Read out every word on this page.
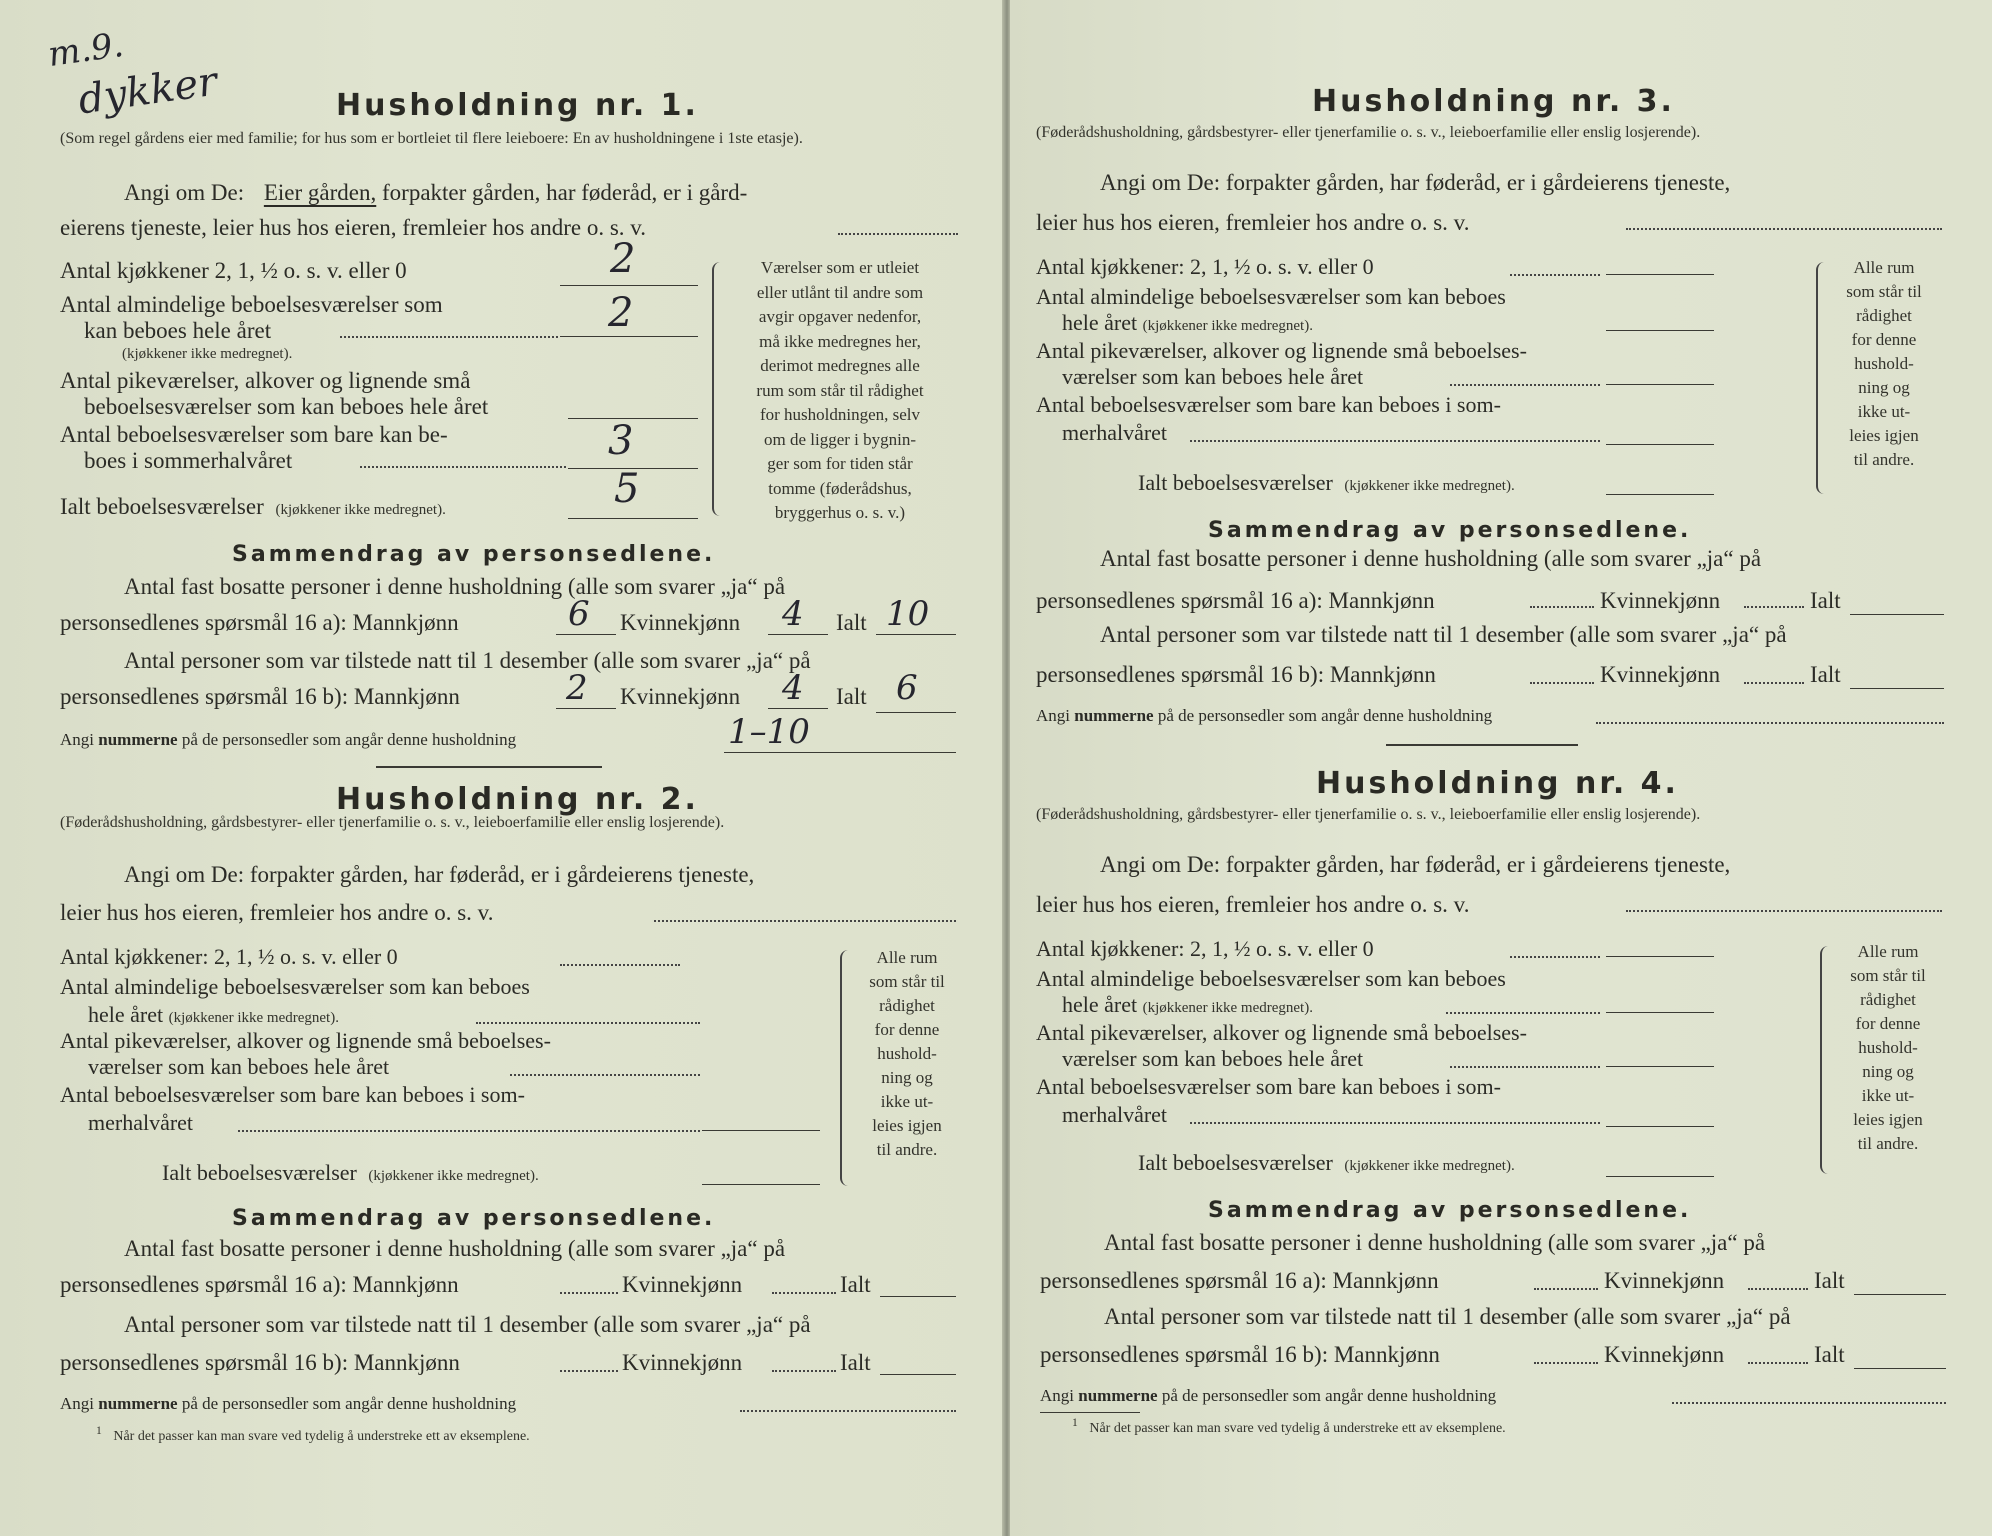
m.9.
dykker	Husholdning nr. 1.
(Som regel gårdens eier med familie; for hus som er bortleiet til flere leieboere: En av husholdningene i 1ste etasje).
Angi om De: Eier gården, forpakter gården, har føderåd, er i gård-
eierens tjeneste, leier hus hos eieren, fremleier hos andre o. s. v.
Antal kjøkkener 2, 1, ½ o. s. v. eller 0	2
Antal almindelige beboelsesværelser som
kan beboes hele året
(kjøkkener ikke medregnet).
2
Antal pikeværelser, alkover og lignende små
beboelsesværelser som kan beboes hele året
Antal beboelsesværelser som bare kan be-
boes i sommerhalvåret	3
Ialt beboelsesværelser (kjøkkener ikke medregnet).	5
Værelser som er utleiet
eller utlånt til andre som
avgir opgaver nedenfor,
må ikke medregnes her,
derimot medregnes alle
rum som står til rådighet
for husholdningen, selv
om de ligger i bygnin-
ger som for tiden står
tomme (føderådshus,
bryggerhus o. s. v.)
Sammendrag av personsedlene.
Antal fast bosatte personer i denne husholdning (alle som svarer „ja“ på
personsedlenes spørsmål 16 a): Mannkjønn	Kvinnekjønn	Ialt
6	4 10
Antal personer som var tilstede natt til 1 desember (alle som svarer „ja“ på
personsedlenes spørsmål 16 b): Mannkjønn	Kvinnekjønn	Ialt
2	4	6
Angi nummerne på de personsedler som angår denne husholdning	1–10
Husholdning nr. 2.
(Føderådshusholdning, gårdsbestyrer- eller tjenerfamilie o. s. v., leieboerfamilie eller enslig losjerende).
Angi om De: forpakter gården, har føderåd, er i gårdeierens tjeneste,
leier hus hos eieren, fremleier hos andre o. s. v.
Antal kjøkkener: 2, 1, ½ o. s. v. eller 0
Antal almindelige beboelsesværelser som kan beboes
hele året (kjøkkener ikke medregnet).
Antal pikeværelser, alkover og lignende små beboelses-
værelser som kan beboes hele året
Antal beboelsesværelser som bare kan beboes i som-
merhalvåret
Ialt beboelsesværelser (kjøkkener ikke medregnet).
Alle rum
som står til
rådighet
for denne
hushold-
ning og
ikke ut-
leies igjen
til andre.
Sammendrag av personsedlene.
Antal fast bosatte personer i denne husholdning (alle som svarer „ja“ på
personsedlenes spørsmål 16 a): Mannkjønn	Kvinnekjønn	Ialt
Antal personer som var tilstede natt til 1 desember (alle som svarer „ja“ på
personsedlenes spørsmål 16 b): Mannkjønn	Kvinnekjønn	Ialt
Angi nummerne på de personsedler som angår denne husholdning
$^1$ Når det passer kan man svare ved tydelig å understreke ett av eksemplene.
Husholdning nr. 3.
(Føderådshusholdning, gårdsbestyrer- eller tjenerfamilie o. s. v., leieboerfamilie eller enslig losjerende).
Angi om De: forpakter gården, har føderåd, er i gårdeierens tjeneste,
leier hus hos eieren, fremleier hos andre o. s. v.
Antal kjøkkener: 2, 1, ½ o. s. v. eller 0
Antal almindelige beboelsesværelser som kan beboes
hele året (kjøkkener ikke medregnet).
Antal pikeværelser, alkover og lignende små beboelses-
værelser som kan beboes hele året
Antal beboelsesværelser som bare kan beboes i som-
merhalvåret
Ialt beboelsesværelser (kjøkkener ikke medregnet).
Alle rum
som står til
rådighet
for denne
hushold-
ning og
ikke ut-
leies igjen
til andre.
Sammendrag av personsedlene.
Antal fast bosatte personer i denne husholdning (alle som svarer „ja“ på
personsedlenes spørsmål 16 a): Mannkjønn	Kvinnekjønn	Ialt
Antal personer som var tilstede natt til 1 desember (alle som svarer „ja“ på
personsedlenes spørsmål 16 b): Mannkjønn	Kvinnekjønn	Ialt
Angi nummerne på de personsedler som angår denne husholdning
Husholdning nr. 4.
(Føderådshusholdning, gårdsbestyrer- eller tjenerfamilie o. s. v., leieboerfamilie eller enslig losjerende).
Angi om De: forpakter gården, har føderåd, er i gårdeierens tjeneste,
leier hus hos eieren, fremleier hos andre o. s. v.
Antal kjøkkener: 2, 1, ½ o. s. v. eller 0
Antal almindelige beboelsesværelser som kan beboes
hele året (kjøkkener ikke medregnet).
Antal pikeværelser, alkover og lignende små beboelses-
værelser som kan beboes hele året
Antal beboelsesværelser som bare kan beboes i som-
merhalvåret
Ialt beboelsesværelser (kjøkkener ikke medregnet).
Alle rum
som står til
rådighet
for denne
hushold-
ning og
ikke ut-
leies igjen
til andre.
Sammendrag av personsedlene.
Antal fast bosatte personer i denne husholdning (alle som svarer „ja“ på
personsedlenes spørsmål 16 a): Mannkjønn	Kvinnekjønn	Ialt
Antal personer som var tilstede natt til 1 desember (alle som svarer „ja“ på
personsedlenes spørsmål 16 b): Mannkjønn	Kvinnekjønn	Ialt
Angi nummerne på de personsedler som angår denne husholdning
$^1$ Når det passer kan man svare ved tydelig å understreke ett av eksemplene.
